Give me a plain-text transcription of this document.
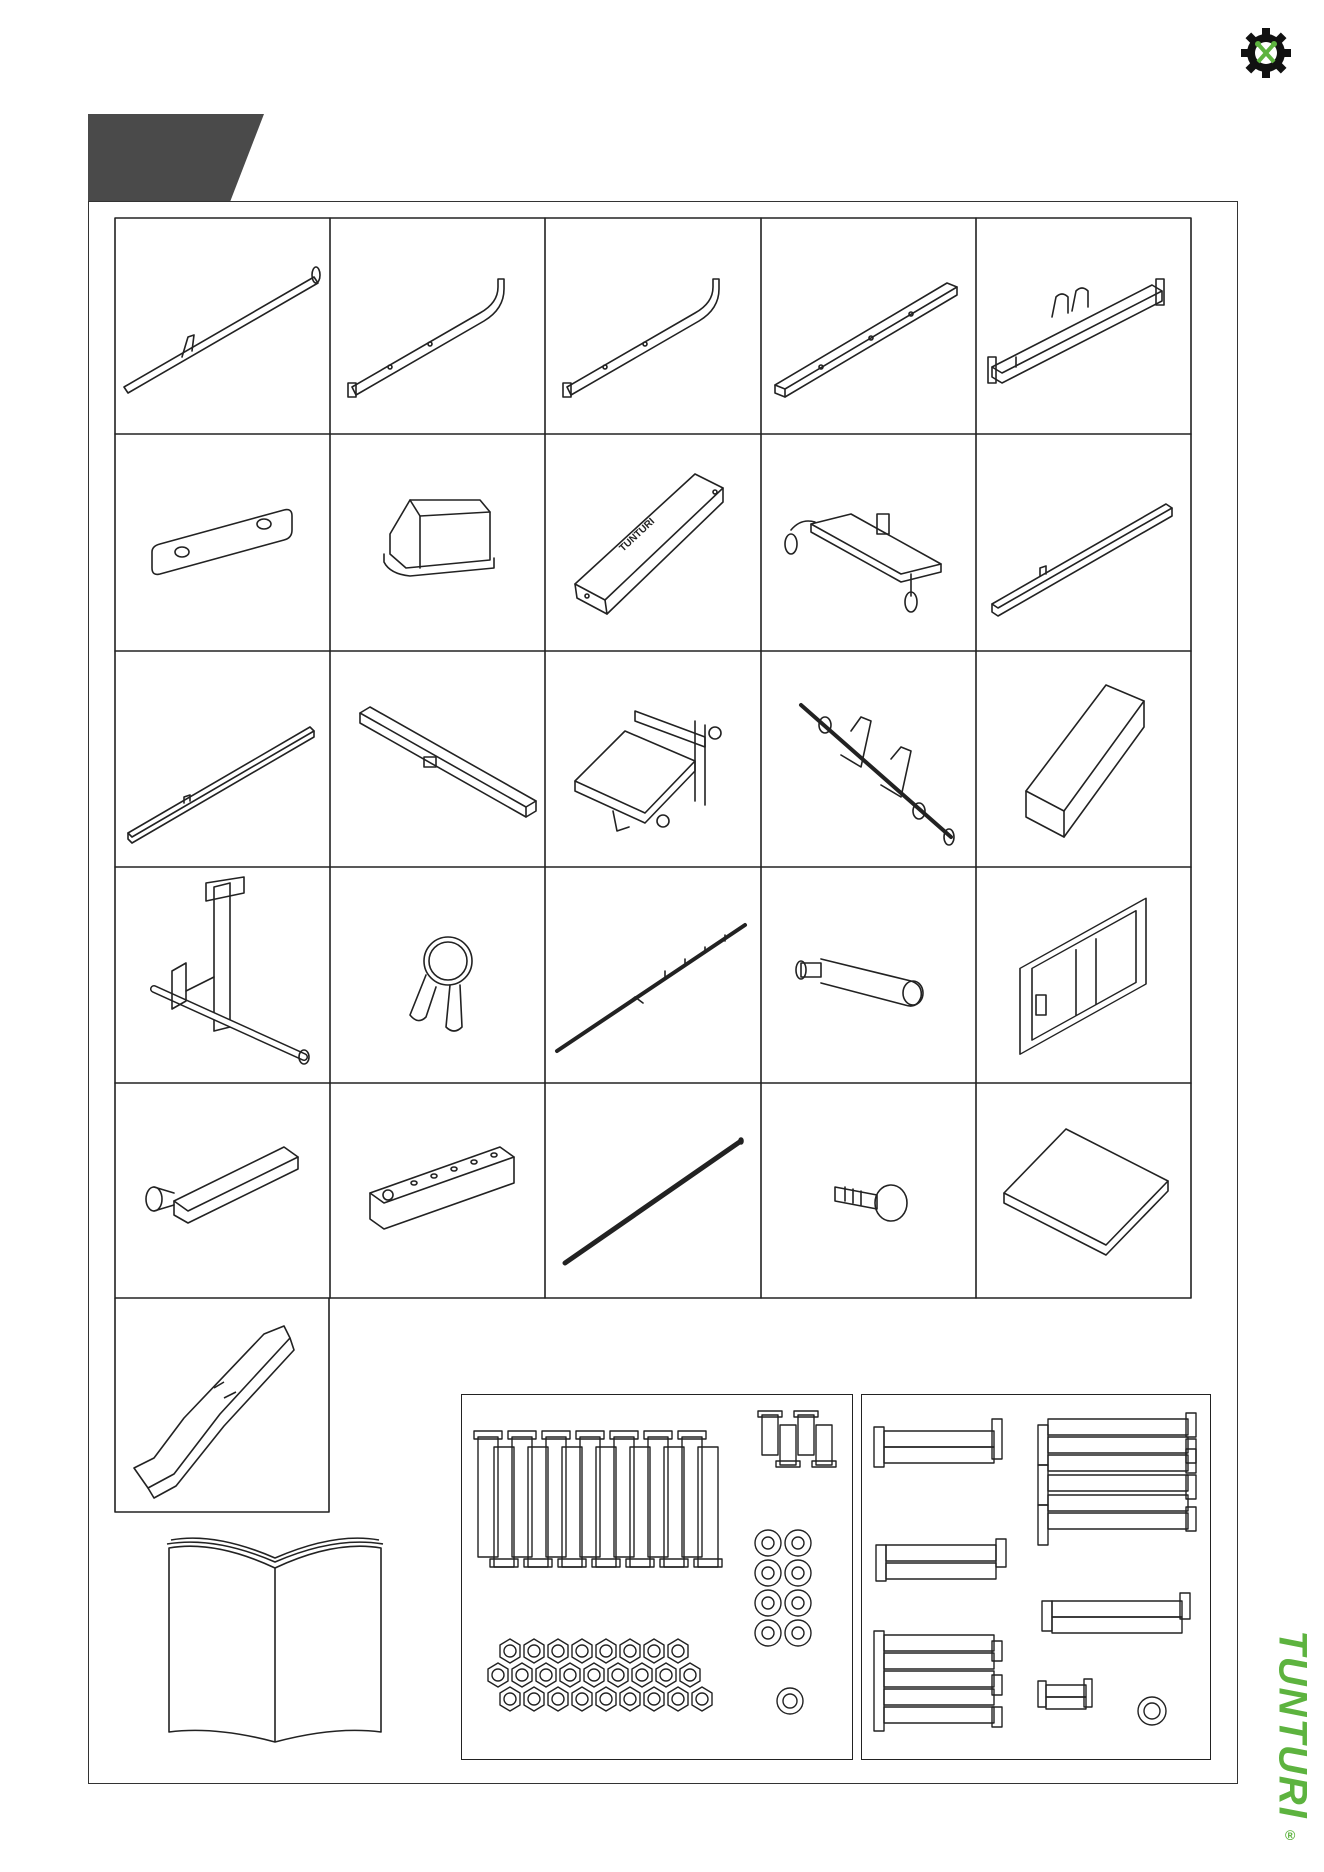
TUNTURI
TUNTURI
®
